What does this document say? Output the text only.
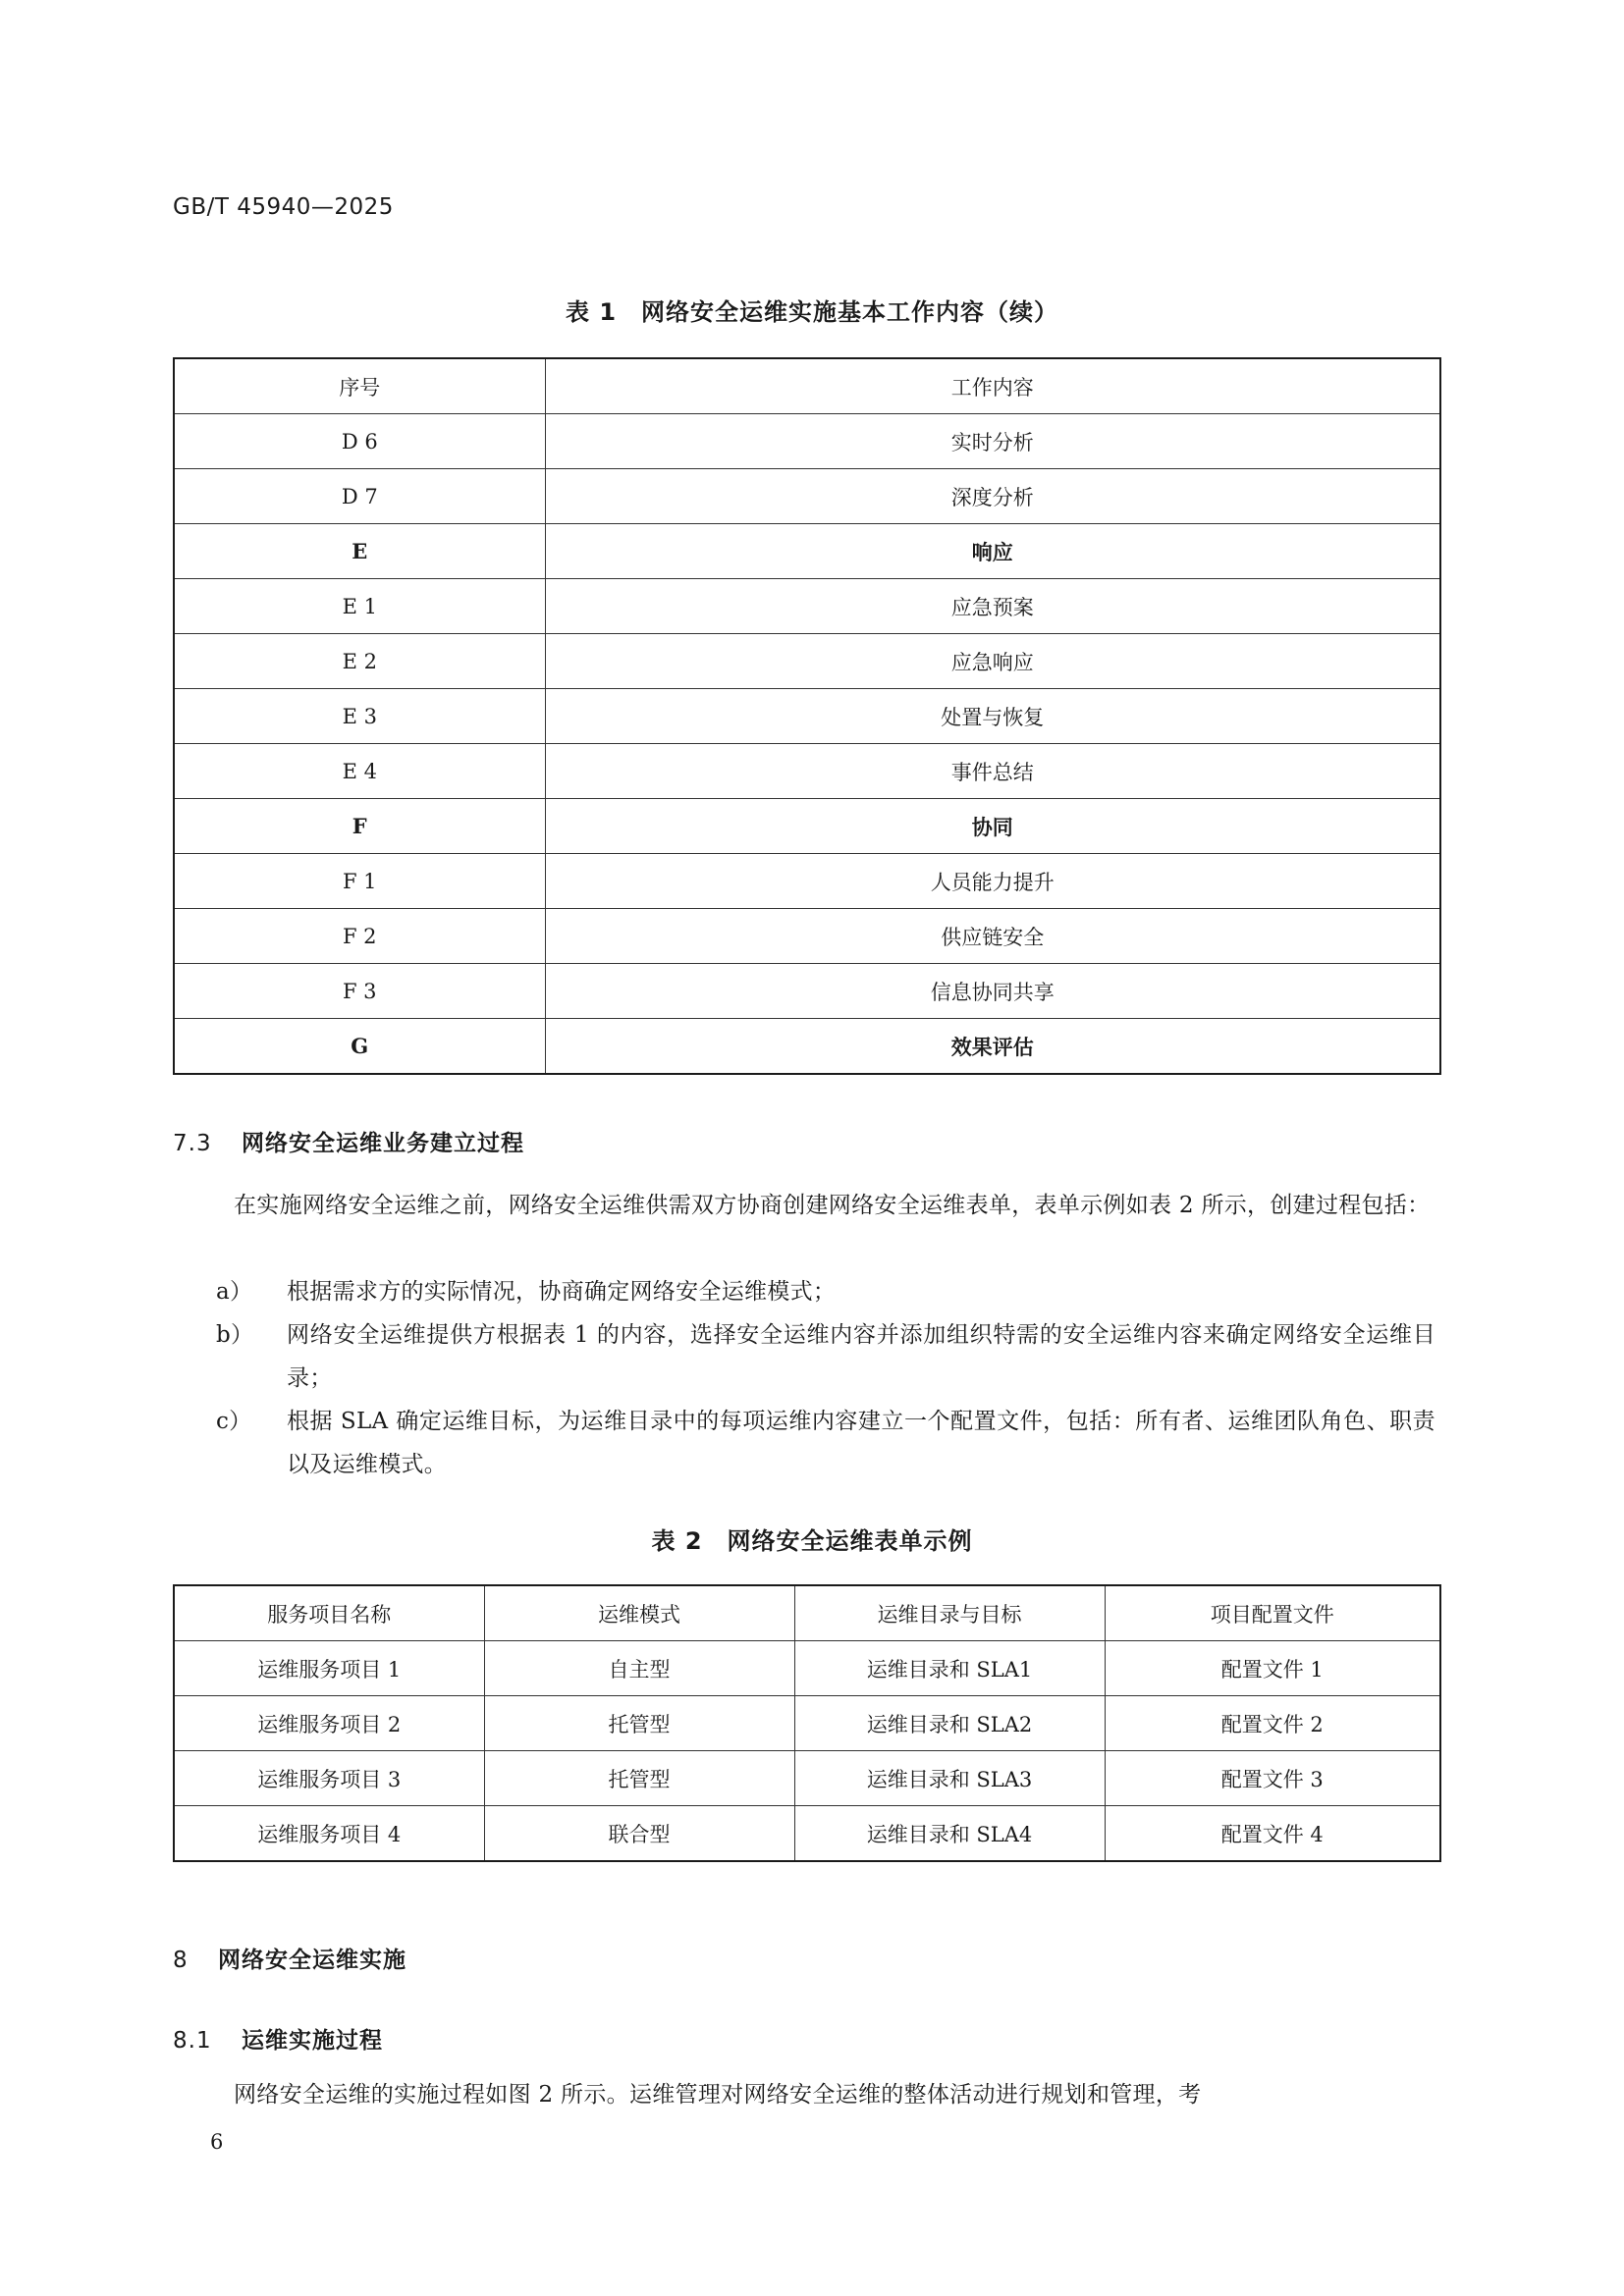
GB/T 45940—2025
表 1　网络安全运维实施基本工作内容（续）
序号	工作内容
D 6	实时分析
D 7	深度分析
E	响应
E 1	应急预案
E 2	应急响应
E 3	处置与恢复
E 4	事件总结
F	协同
F 1	人员能力提升
F 2	供应链安全
F 3	信息协同共享
G	效果评估
7.3 网络安全运维业务建立过程
在实施网络安全运维之前，网络安全运维供需双方协商创建网络安全运维表单，表单示例如表 2 所示，创建过程包括：
a） 根据需求方的实际情况，协商确定网络安全运维模式；
b） 网络安全运维提供方根据表 1 的内容，选择安全运维内容并添加组织特需的安全运维内容来确定网络安全运维目录；
c） 根据 SLA 确定运维目标，为运维目录中的每项运维内容建立一个配置文件，包括：所有者、运维团队角色、职责以及运维模式。
表 2　网络安全运维表单示例
服务项目名称	运维模式	运维目录与目标	项目配置文件
运维服务项目 1	自主型	运维目录和 SLA1	配置文件 1
运维服务项目 2	托管型	运维目录和 SLA2	配置文件 2
运维服务项目 3	托管型	运维目录和 SLA3	配置文件 3
运维服务项目 4	联合型	运维目录和 SLA4	配置文件 4
8 网络安全运维实施
8.1 运维实施过程
网络安全运维的实施过程如图 2 所示。运维管理对网络安全运维的整体活动进行规划和管理，考
6
